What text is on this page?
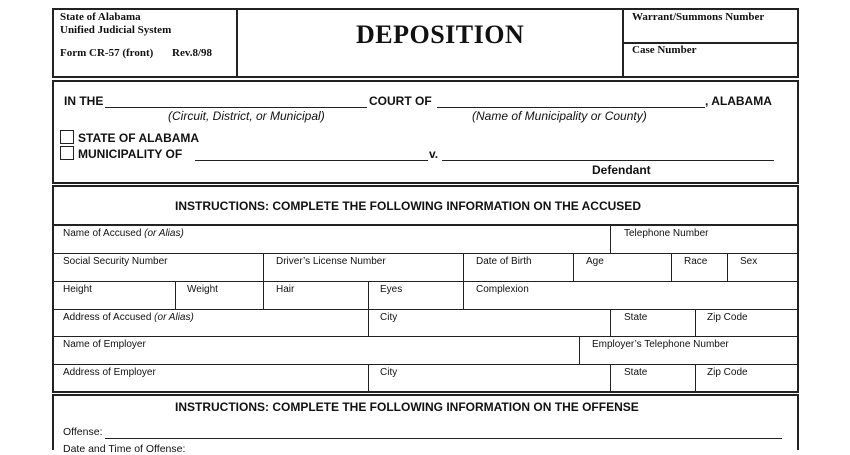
State of Alabama
Unified Judicial System
Form CR-57 (front) Rev.8/98
DEPOSITION
Warrant/Summons Number
Case Number
IN THE	COURT OF	, ALABAMA
(Circuit, District, or Municipal)	(Name of Municipality or County)
STATE OF ALABAMA
MUNICIPALITY OF	v.
Defendant
INSTRUCTIONS: COMPLETE THE FOLLOWING INFORMATION ON THE ACCUSED
Name of Accused (or Alias)	Telephone Number
Social Security Number	Driver’s License Number	Date of Birth	Age	Race	Sex
Height	Weight	Hair	Eyes	Complexion
Address of Accused (or Alias)	City	State	Zip Code
Name of Employer	Employer’s Telephone Number
Address of Employer	City	State	Zip Code
INSTRUCTIONS: COMPLETE THE FOLLOWING INFORMATION ON THE OFFENSE
Offense:
Date and Time of Offense:
